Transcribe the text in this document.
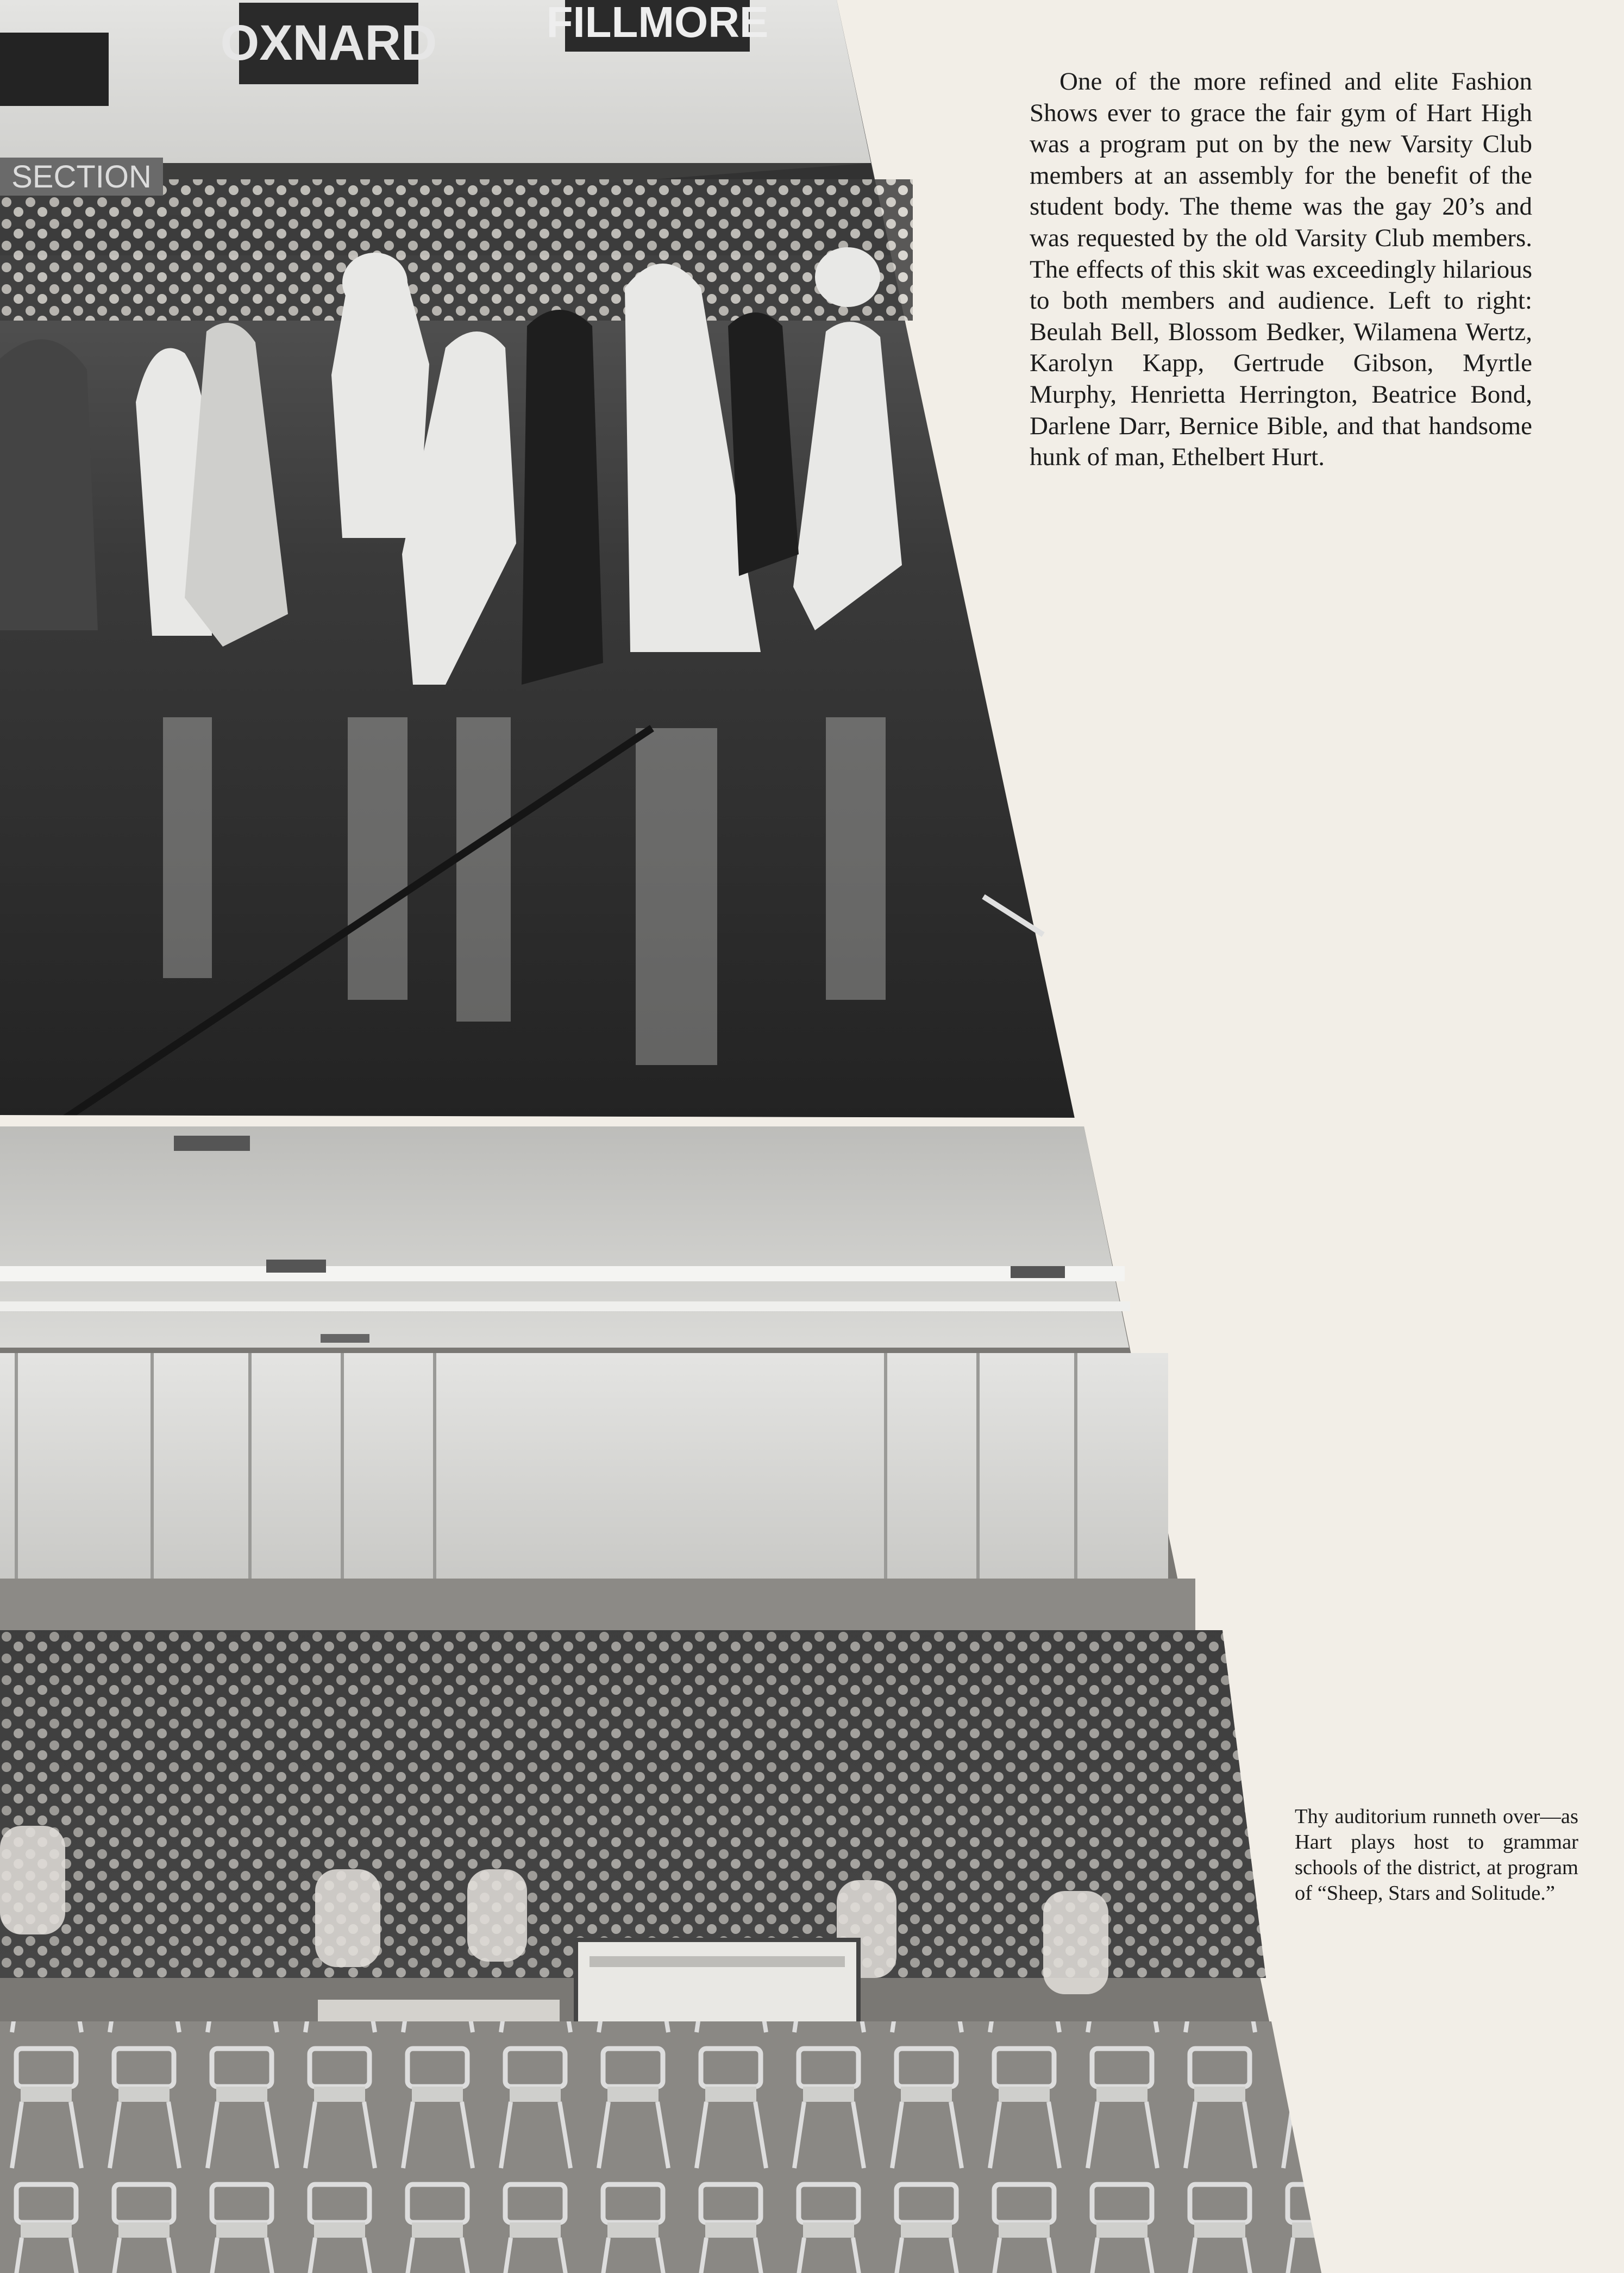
OXNARD	FILLMORE
SECTION

One of the more refined and elite Fashion Shows ever to grace the fair gym of Hart High was a program put on by the new Varsity Club members at an assembly for the benefit of the student body. The theme was the gay 20’s and was requested by the old Varsity Club members. The effects of this skit was exceedingly hilarious to both members and audience. Left to right: Beulah Bell, Blossom Bedker, Wilamena Wertz, Karolyn Kapp, Gertrude Gibson, Myrtle Murphy, Henrietta Herrington, Beatrice Bond, Darlene Darr, Bernice Bible, and that handsome hunk of man, Ethelbert Hurt.

Thy auditorium runneth over—as Hart plays host to grammar schools of the district, at program of “Sheep, Stars and Solitude.”
